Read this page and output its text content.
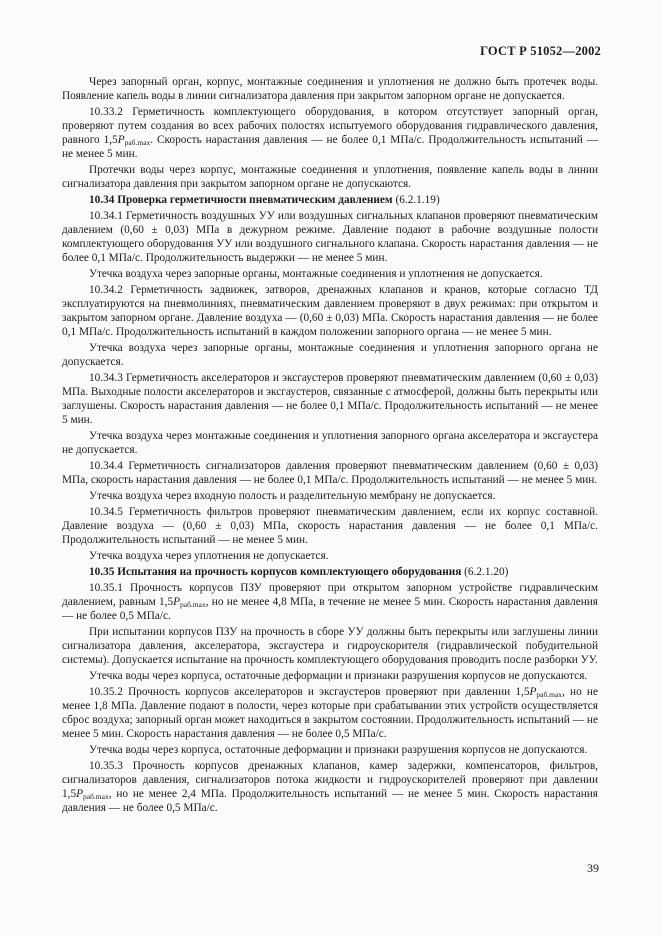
ГОСТ Р 51052—2002

Через запорный орган, корпус, монтажные соединения и уплотнения не должно быть протечек воды. Появление капель воды в линии сигнализатора давления при закрытом запорном органе не допускается.

10.33.2 Герметичность комплектующего оборудования, в котором отсутствует запорный орган, проверяют путем создания во всех рабочих полостях испытуемого оборудования гидравлического давления, равного $1,5P_{раб.max}$. Скорость нарастания давления — не более 0,1 МПа/с. Продолжительность испытаний — не менее 5 мин.

Протечки воды через корпус, монтажные соединения и уплотнения, появление капель воды в линии сигнализатора давления при закрытом запорном органе не допускаются.

10.34 Проверка герметичности пневматическим давлением (6.2.1.19)

10.34.1 Герметичность воздушных УУ или воздушных сигнальных клапанов проверяют пневматическим давлением (0,60 ± 0,03) МПа в дежурном режиме. Давление подают в рабочие воздушные полости комплектующего оборудования УУ или воздушного сигнального клапана. Скорость нарастания давления — не более 0,1 МПа/с. Продолжительность выдержки — не менее 5 мин.

Утечка воздуха через запорные органы, монтажные соединения и уплотнения не допускается.

10.34.2 Герметичность задвижек, затворов, дренажных клапанов и кранов, которые согласно ТД эксплуатируются на пневмолиниях, пневматическим давлением проверяют в двух режимах: при открытом и закрытом запорном органе. Давление воздуха — (0,60 ± 0,03) МПа. Скорость нарастания давления — не более 0,1 МПа/с. Продолжительность испытаний в каждом положении запорного органа — не менее 5 мин.

Утечка воздуха через запорные органы, монтажные соединения и уплотнения запорного органа не допускается.

10.34.3 Герметичность акселераторов и эксгаустеров проверяют пневматическим давлением (0,60 ± 0,03) МПа. Выходные полости акселераторов и эксгаустеров, связанные с атмосферой, должны быть перекрыты или заглушены. Скорость нарастания давления — не более 0,1 МПа/с. Продолжительность испытаний — не менее 5 мин.

Утечка воздуха через монтажные соединения и уплотнения запорного органа акселератора и эксгаустера не допускается.

10.34.4 Герметичность сигнализаторов давления проверяют пневматическим давлением (0,60 ± 0,03) МПа, скорость нарастания давления — не более 0,1 МПа/с. Продолжительность испытаний — не менее 5 мин.

Утечка воздуха через входную полость и разделительную мембрану не допускается.

10.34.5 Герметичность фильтров проверяют пневматическим давлением, если их корпус составной. Давление воздуха — (0,60 ± 0,03) МПа, скорость нарастания давления — не более 0,1 МПа/с. Продолжительность испытаний — не менее 5 мин.

Утечка воздуха через уплотнения не допускается.

10.35 Испытания на прочность корпусов комплектующего оборудования (6.2.1.20)

10.35.1 Прочность корпусов ПЗУ проверяют при открытом запорном устройстве гидравлическим давлением, равным $1,5P_{раб.max}$, но не менее 4,8 МПа, в течение не менее 5 мин. Скорость нарастания давления — не более 0,5 МПа/с.

При испытании корпусов ПЗУ на прочность в сборе УУ должны быть перекрыты или заглушены линии сигнализатора давления, акселератора, эксгаустера и гидроускорителя (гидравлической побудительной системы). Допускается испытание на прочность комплектующего оборудования проводить после разборки УУ.

Утечка воды через корпуса, остаточные деформации и признаки разрушения корпусов не допускаются.

10.35.2 Прочность корпусов акселераторов и эксгаустеров проверяют при давлении $1,5P_{раб.max}$, но не менее 1,8 МПа. Давление подают в полости, через которые при срабатывании этих устройств осуществляется сброс воздуха; запорный орган может находиться в закрытом состоянии. Продолжительность испытаний — не менее 5 мин. Скорость нарастания давления — не более 0,5 МПа/с.

Утечка воды через корпуса, остаточные деформации и признаки разрушения корпусов не допускаются.

10.35.3 Прочность корпусов дренажных клапанов, камер задержки, компенсаторов, фильтров, сигнализаторов давления, сигнализаторов потока жидкости и гидроускорителей проверяют при давлении $1,5P_{раб.max}$, но не менее 2,4 МПа. Продолжительность испытаний — не менее 5 мин. Скорость нарастания давления — не более 0,5 МПа/с.

39
